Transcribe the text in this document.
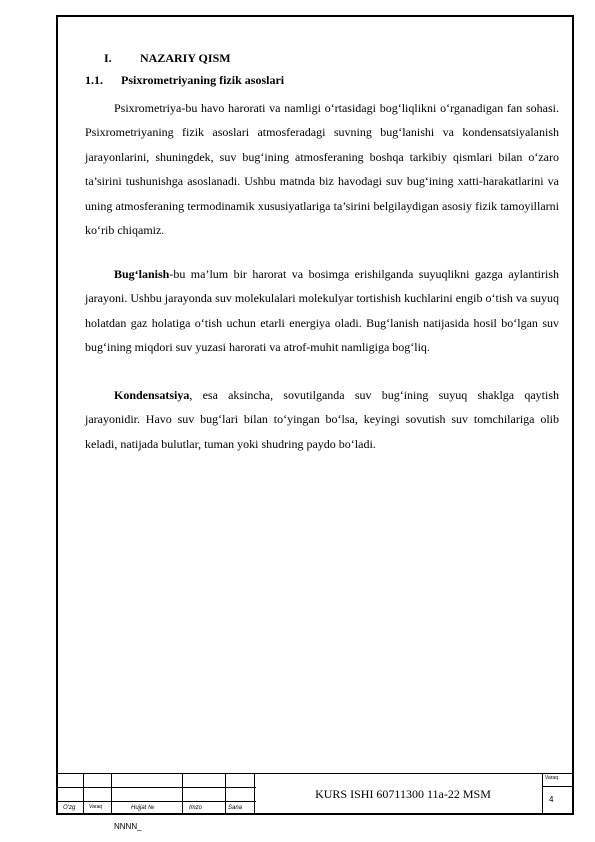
I. NAZARIY QISM
1.1. Psixrometriyaning fizik asoslari

Psixrometriya-bu havo harorati va namligi o‘rtasidagi bog‘liqlikni o‘rganadigan fan sohasi. Psixrometriyaning fizik asoslari atmosferadagi suvning bug‘lanishi va kondensatsiyalanish jarayonlarini, shuningdek, suv bug‘ining atmosferaning boshqa tarkibiy qismlari bilan o‘zaro ta’sirini tushunishga asoslanadi. Ushbu matnda biz havodagi suv bug‘ining xatti-harakatlarini va uning atmosferaning termodinamik xususiyatlariga ta’sirini belgilaydigan asosiy fizik tamoyillarni ko‘rib chiqamiz.

Bug‘lanish-bu ma’lum bir harorat va bosimga erishilganda suyuqlikni gazga aylantirish jarayoni. Ushbu jarayonda suv molekulalari molekulyar tortishish kuchlarini engib o‘tish va suyuq holatdan gaz holatiga o‘tish uchun etarli energiya oladi. Bug‘lanish natijasida hosil bo‘lgan suv bug‘ining miqdori suv yuzasi harorati va atrof-muhit namligiga bog‘liq.

Kondensatsiya, esa aksincha, sovutilganda suv bug‘ining suyuq shaklga qaytish jarayonidir. Havo suv bug‘lari bilan to‘yingan bo‘lsa, keyingi sovutish suv tomchilariga olib keladi, natijada bulutlar, tuman yoki shudring paydo bo‘ladi.

O‘zg	Varaq	Hujjat №	Imzo	Sana
KURS ISHI 60711300 11a-22 MSM
Varaq
4
NNNN_
